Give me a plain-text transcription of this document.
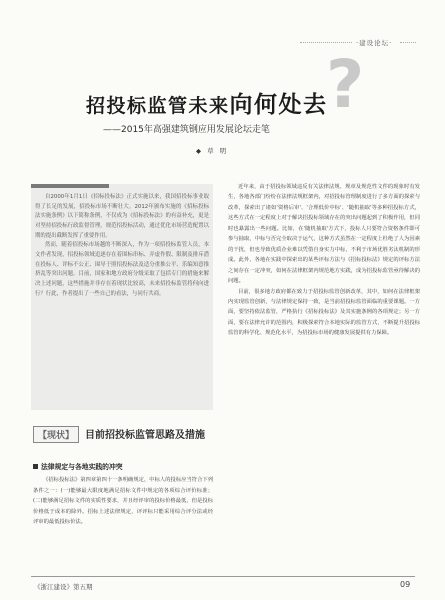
·建设论坛·
?
招投标监管未来向何处去
——2015年高强建筑钢应用发展论坛走笔
◆ 草 明

自2000年1月1日《招标投标法》正式实施以来，我国招投标事业取得了长足的发展，招投标市场不断壮大。2012年颁布实施的《招标投标法实施条例》以下简称条例，不仅成为《招标投标法》的有益补充，更是对坚持招投标行政监督管理，规范招投标活动，通过优化市场营造配置以期的提出截断发挥了重要作用。

然而，随着招投标市场越的不断深入，作为一项招投标监管人员，本文作者发现，招投标领域追逐存在着围标串标、弄虚作假、限制及排斥潜在投标人、评标不公正、围导于照招投标法及适分重推公平、乐编知意推挤乱等突出问题。目前，国家和地方政府分级采取了包括专门的措施来解决上述问题，这些措施并非存在着现状比较高，未来招投标监管将何向进行？行此，作者提出了一些自己的看法，与同行共商。

【现状】 目前招投标监管思路及措施
法律规定与各地实践的冲突

《招标投标法》第四章第四十一条明确规定，中标人的投标应当符合下列条件之一：(一)能够最大限度地满足招标文件中规定的各项综合评价标准；(二)能够满足招标文件的实质性要求，并且经评审的投标价格最低，但是投标价格低于成本的除外。招标上述法律规定，评评标只能采用综合评分法或经评审的最低投标价法。

近年来，由于招投标领域违反有关法律法规、规章及规范性文件的现象时有发生，各地各部门纷纷在法律法规框架内，对招投标管理制度进行了多方面的探索与改革，探索出了诸如'资格后审'、'合理低价中标'、'随机抽取'等多种招投标方式，这些方式在一定程度上对于解决招投标领域存在的突出问题起到了积极作用，但同时也暴露出一些问题。比如，在'随机抽取'方式下，投标人只要符合资格条件即可参与抽取，中标与否完全取决于运气，这种方式虽然在一定程度上杜绝了人为因素的干扰，但也导致优质企业难以凭借自身实力中标，不利于市场优胜劣汰机制的形成。此外，各地在实践中探索出的某些评标方法与《招标投标法》规定的评标方法之间存在一定冲突，如何在法律框架内规范地方实践，成为招投标监管亟待解决的问题。

目前，很多地方政府都在致力于招投标监管创新改革，其中，如何在法律框架内实现监管创新，与法律规定保持一致，是当前招投标监管面临的重要课题。一方面，要坚持依法监管，严格执行《招标投标法》及其实施条例的各项规定；另一方面，要在法律允许的范围内，积极探索符合本地实际的监管方式，不断提升招投标监管的科学化、规范化水平，为招投标市场的健康发展提供有力保障。

《浙江建设》第五期	09
